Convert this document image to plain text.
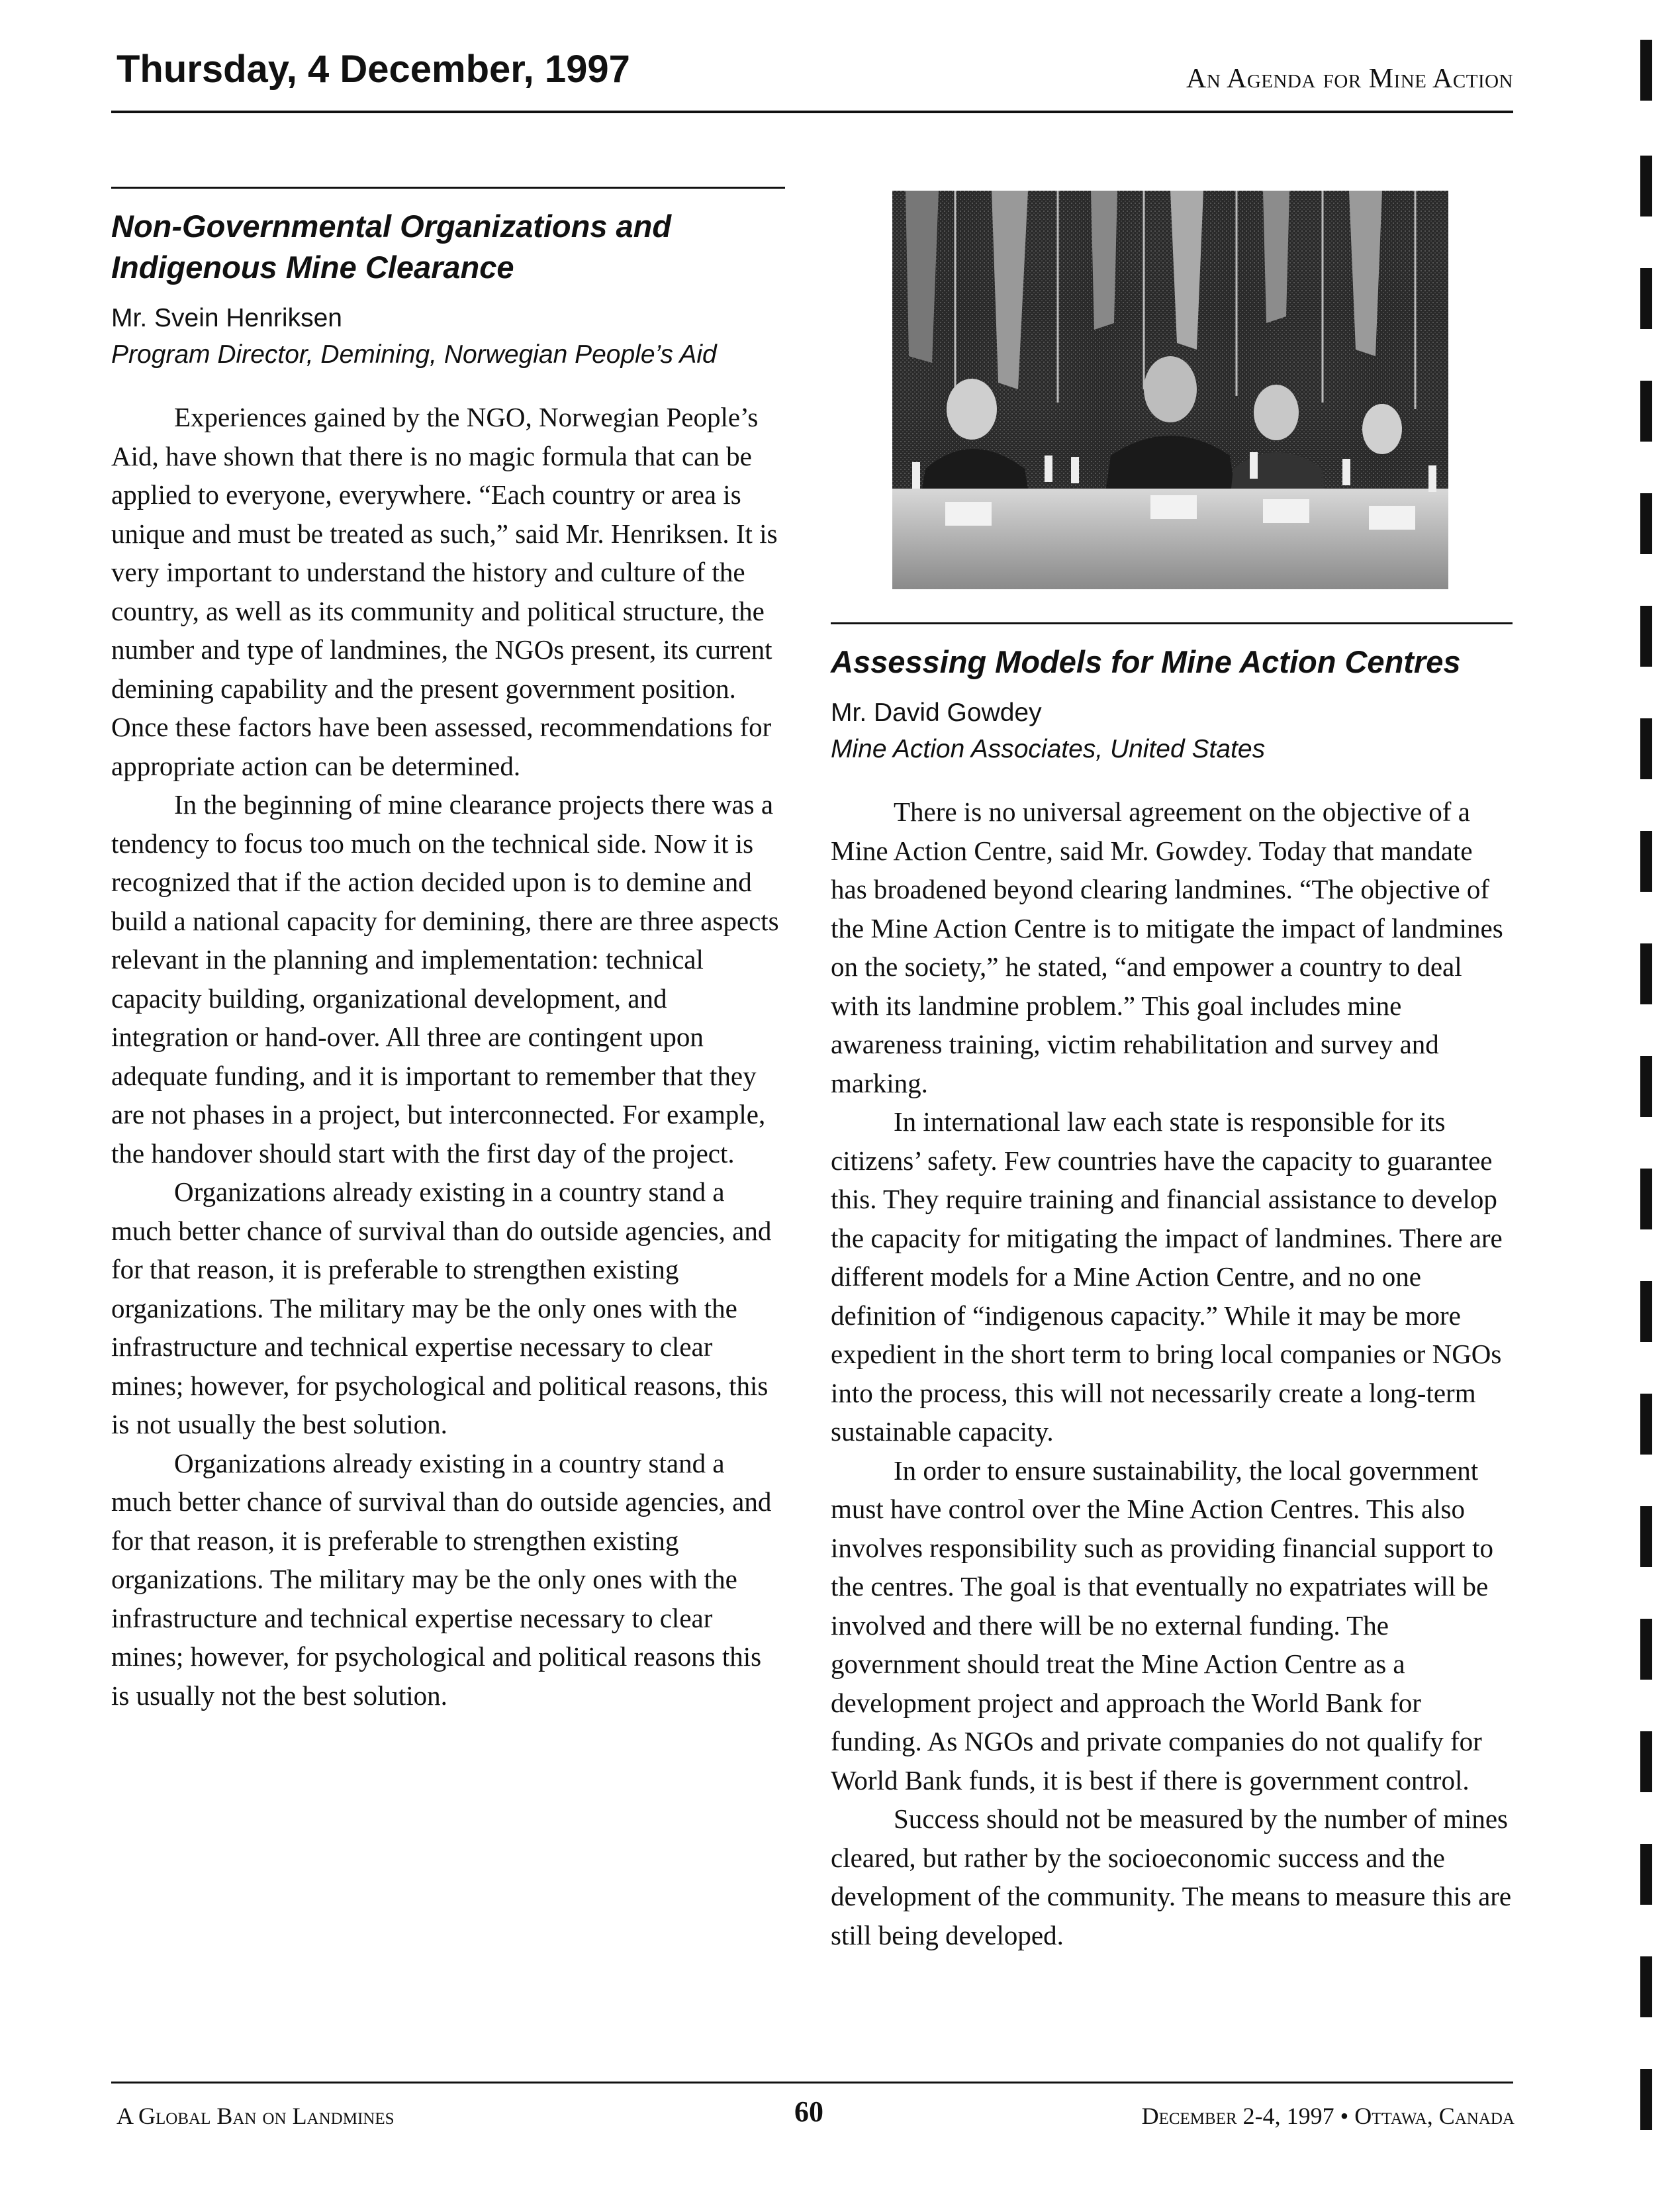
Thursday, 4 December, 1997	An Agenda for Mine Action
Non-Governmental Organizations and Indigenous Mine Clearance

Mr. Svein Henriksen

Program Director, Demining, Norwegian People’s Aid

Experiences gained by the NGO, Norwegian People’s Aid, have shown that there is no magic formula that can be applied to everyone, everywhere. “Each country or area is unique and must be treated as such,” said Mr. Henriksen. It is very important to understand the history and culture of the country, as well as its community and political structure, the number and type of landmines, the NGOs present, its current demining capability and the present government position. Once these factors have been assessed, recommendations for appropriate action can be determined.

In the beginning of mine clearance projects there was a tendency to focus too much on the technical side. Now it is recognized that if the action decided upon is to demine and build a national capacity for demining, there are three aspects relevant in the planning and implementation: technical capacity building, organizational development, and integration or hand-over. All three are contingent upon adequate funding, and it is important to remember that they are not phases in a project, but interconnected. For example, the handover should start with the first day of the project.

Organizations already existing in a country stand a much better chance of survival than do outside agencies, and for that reason, it is preferable to strengthen existing organizations. The military may be the only ones with the infrastructure and technical expertise necessary to clear mines; however, for psychological and political reasons, this is not usually the best solution.

Organizations already existing in a country stand a much better chance of survival than do outside agencies, and for that reason, it is preferable to strengthen existing organizations. The military may be the only ones with the infrastructure and technical expertise necessary to clear mines; however, for psychological and political reasons this is usually not the best solution.

Assessing Models for Mine Action Centres

Mr. David Gowdey

Mine Action Associates, United States

There is no universal agreement on the objective of a Mine Action Centre, said Mr. Gowdey. Today that mandate has broadened beyond clearing landmines. “The objective of the Mine Action Centre is to mitigate the impact of landmines on the society,” he stated, “and empower a country to deal with its landmine problem.” This goal includes mine awareness training, victim rehabilitation and survey and marking.

In international law each state is responsible for its citizens’ safety. Few countries have the capacity to guarantee this. They require training and financial assistance to develop the capacity for mitigating the impact of landmines. There are different models for a Mine Action Centre, and no one definition of “indigenous capacity.” While it may be more expedient in the short term to bring local companies or NGOs into the process, this will not necessarily create a long-term sustainable capacity.

In order to ensure sustainability, the local government must have control over the Mine Action Centres. This also involves responsibility such as providing financial support to the centres. The goal is that eventually no expatriates will be involved and there will be no external funding. The government should treat the Mine Action Centre as a development project and approach the World Bank for funding. As NGOs and private companies do not qualify for World Bank funds, it is best if there is government control.

Success should not be measured by the number of mines cleared, but rather by the socioeconomic success and the development of the community. The means to measure this are still being developed.

A Global Ban on Landmines	60	December 2-4, 1997 • Ottawa, Canada
